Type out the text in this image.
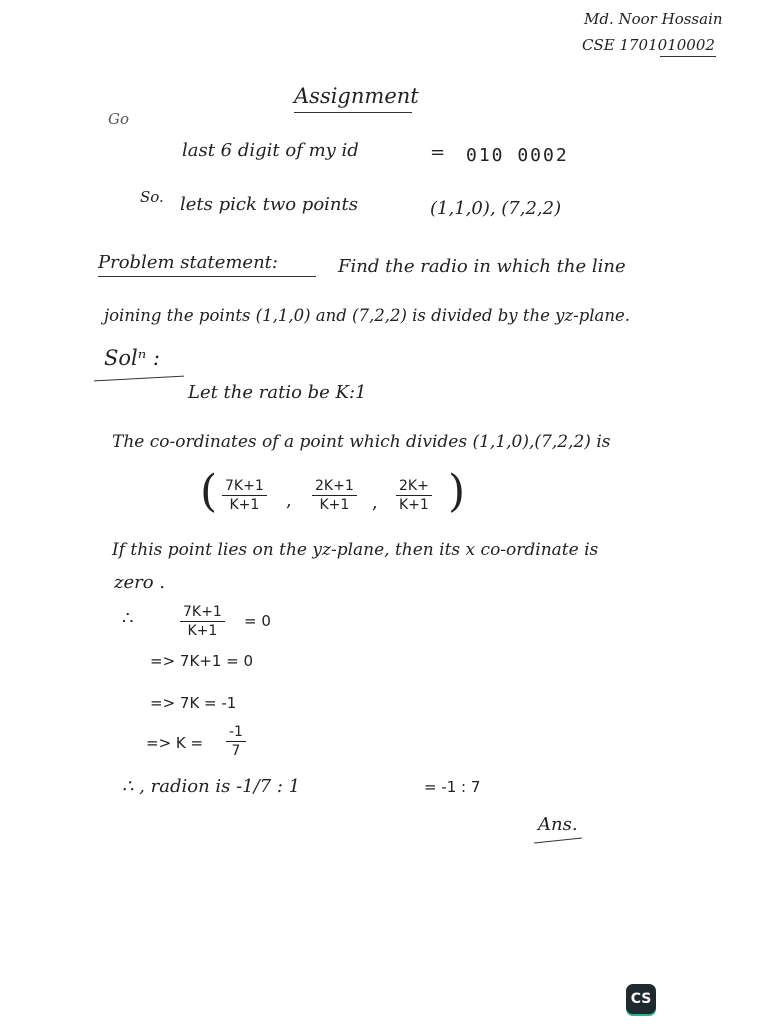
Md. Noor Hossain
CSE 1701010002
Assignment
Go
last 6 digit of my id	= 010 0002
So. lets pick two points	(1,1,0), (7,2,2)
Problem statement:	Find the radio in which the line
joining the points (1,1,0) and (7,2,2) is divided by the yz-plane.
Solⁿ :
Let the ratio be K:1
The co-ordinates of a point which divides (1,1,0),(7,2,2) is
( $\frac{7K+1}{K+1}$ , $\frac{2K+1}{K+1}$ , $\frac{2K+}{K+1}$ )
If this point lies on the yz-plane, then its x co-ordinate is
zero .
∴	$\frac{7K+1}{K+1} = 0$
=> 7K+1 = 0
=> 7K = -1
=> $K = \frac{-1}{7}$
∴ , radion is -1/7 : 1	= -1 : 7
Ans.
CS
